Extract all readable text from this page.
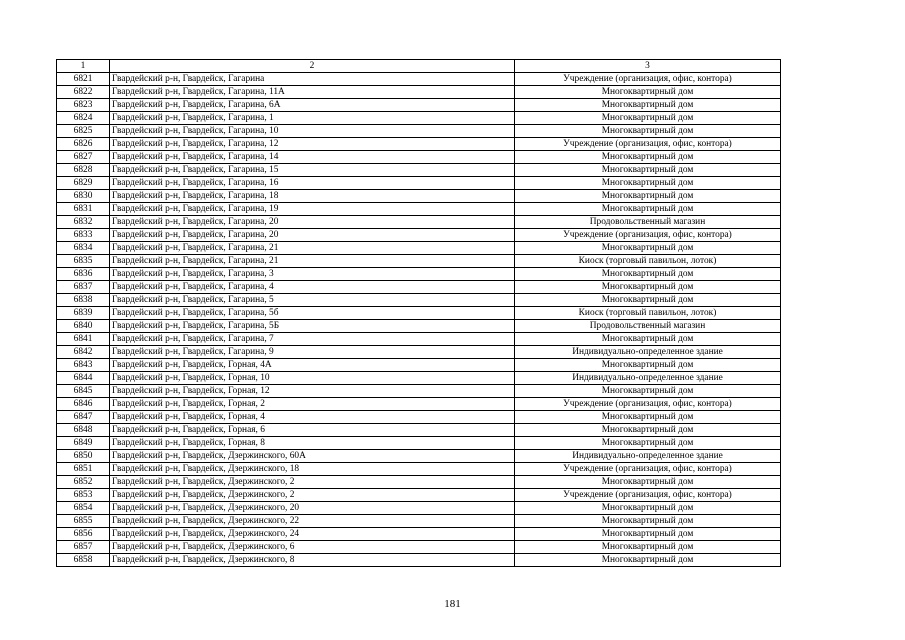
1	2	3
6821	Гвардейский р-н, Гвардейск, Гагарина	Учреждение (организация, офис, контора)
6822	Гвардейский р-н, Гвардейск, Гагарина, 11А	Многоквартирный дом
6823	Гвардейский р-н, Гвардейск, Гагарина, 6А	Многоквартирный дом
6824	Гвардейский р-н, Гвардейск, Гагарина, 1	Многоквартирный дом
6825	Гвардейский р-н, Гвардейск, Гагарина, 10	Многоквартирный дом
6826	Гвардейский р-н, Гвардейск, Гагарина, 12	Учреждение (организация, офис, контора)
6827	Гвардейский р-н, Гвардейск, Гагарина, 14	Многоквартирный дом
6828	Гвардейский р-н, Гвардейск, Гагарина, 15	Многоквартирный дом
6829	Гвардейский р-н, Гвардейск, Гагарина, 16	Многоквартирный дом
6830	Гвардейский р-н, Гвардейск, Гагарина, 18	Многоквартирный дом
6831	Гвардейский р-н, Гвардейск, Гагарина, 19	Многоквартирный дом
6832	Гвардейский р-н, Гвардейск, Гагарина, 20	Продовольственный магазин
6833	Гвардейский р-н, Гвардейск, Гагарина, 20	Учреждение (организация, офис, контора)
6834	Гвардейский р-н, Гвардейск, Гагарина, 21	Многоквартирный дом
6835	Гвардейский р-н, Гвардейск, Гагарина, 21	Киоск (торговый павильон, лоток)
6836	Гвардейский р-н, Гвардейск, Гагарина, 3	Многоквартирный дом
6837	Гвардейский р-н, Гвардейск, Гагарина, 4	Многоквартирный дом
6838	Гвардейский р-н, Гвардейск, Гагарина, 5	Многоквартирный дом
6839	Гвардейский р-н, Гвардейск, Гагарина, 5б	Киоск (торговый павильон, лоток)
6840	Гвардейский р-н, Гвардейск, Гагарина, 5Б	Продовольственный магазин
6841	Гвардейский р-н, Гвардейск, Гагарина, 7	Многоквартирный дом
6842	Гвардейский р-н, Гвардейск, Гагарина, 9	Индивидуально-определенное здание
6843	Гвардейский р-н, Гвардейск, Горная, 4А	Многоквартирный дом
6844	Гвардейский р-н, Гвардейск, Горная, 10	Индивидуально-определенное здание
6845	Гвардейский р-н, Гвардейск, Горная, 12	Многоквартирный дом
6846	Гвардейский р-н, Гвардейск, Горная, 2	Учреждение (организация, офис, контора)
6847	Гвардейский р-н, Гвардейск, Горная, 4	Многоквартирный дом
6848	Гвардейский р-н, Гвардейск, Горная, 6	Многоквартирный дом
6849	Гвардейский р-н, Гвардейск, Горная, 8	Многоквартирный дом
6850	Гвардейский р-н, Гвардейск, Дзержинского, 60А	Индивидуально-определенное здание
6851	Гвардейский р-н, Гвардейск, Дзержинского, 18	Учреждение (организация, офис, контора)
6852	Гвардейский р-н, Гвардейск, Дзержинского, 2	Многоквартирный дом
6853	Гвардейский р-н, Гвардейск, Дзержинского, 2	Учреждение (организация, офис, контора)
6854	Гвардейский р-н, Гвардейск, Дзержинского, 20	Многоквартирный дом
6855	Гвардейский р-н, Гвардейск, Дзержинского, 22	Многоквартирный дом
6856	Гвардейский р-н, Гвардейск, Дзержинского, 24	Многоквартирный дом
6857	Гвардейский р-н, Гвардейск, Дзержинского, 6	Многоквартирный дом
6858	Гвардейский р-н, Гвардейск, Дзержинского, 8	Многоквартирный дом
181
